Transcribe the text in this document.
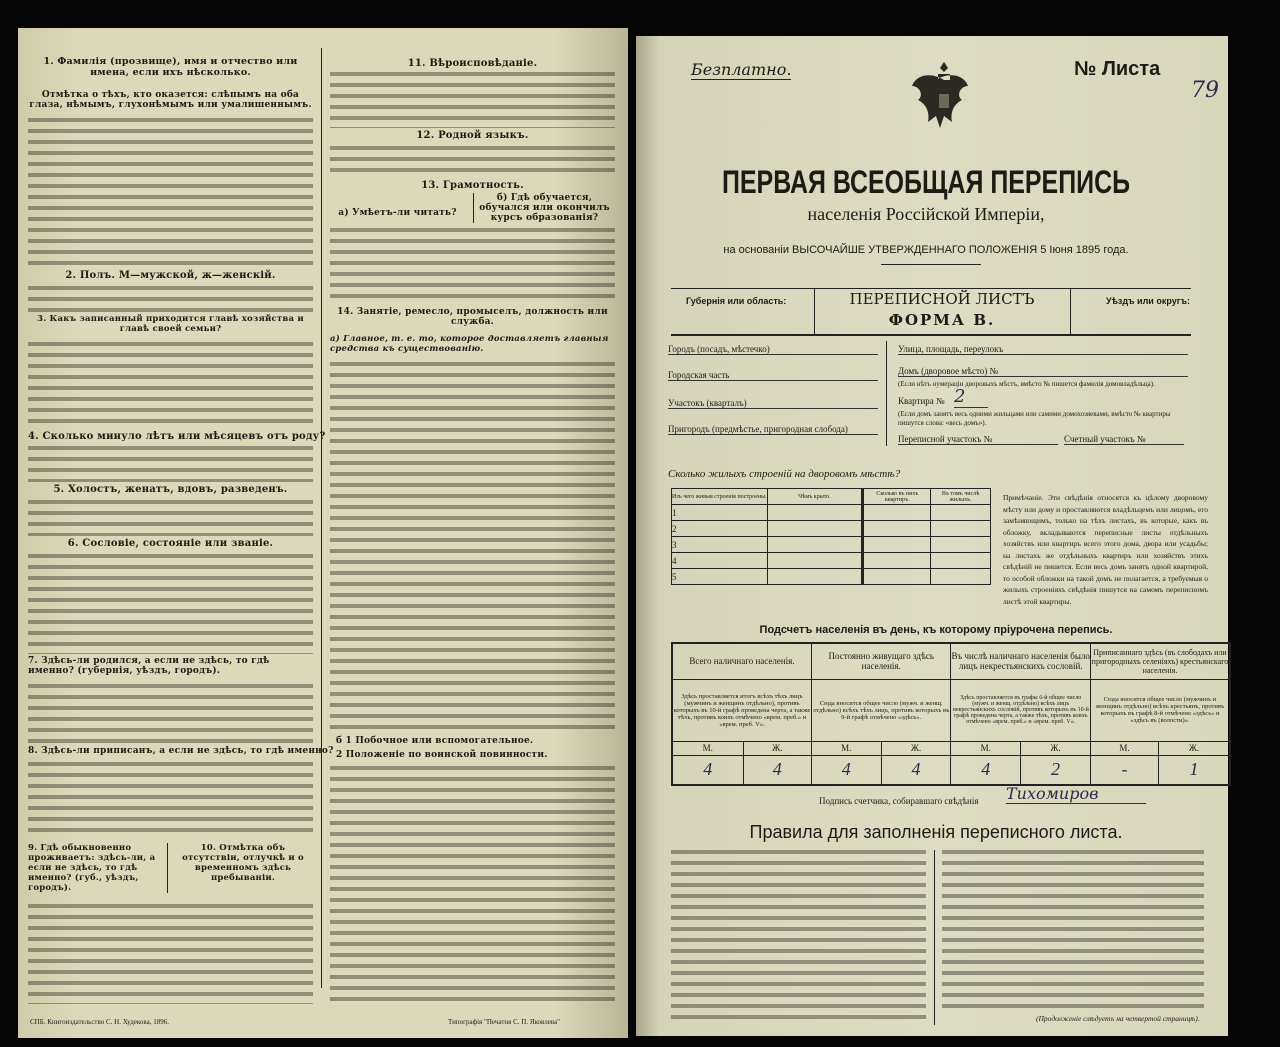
1. Фамилія (прозвище), имя и отчество или имена, если ихъ нѣсколько.
Отмѣтка о тѣхъ, кто оказется: слѣпымъ на оба глаза, нѣмымъ, глухонѣмымъ или умалишеннымъ.
2. Полъ. М—мужской, ж—женскій.
3. Какъ записанный приходится главѣ хозяйства и главѣ своей семьи?
4. Сколько минуло лѣтъ или мѣсяцевъ отъ роду?
5. Холостъ, женатъ, вдовъ, разведенъ.
6. Сословіе, состояніе или званіе.
7. Здѣсь-ли родился, а если не здѣсь, то гдѣ именно? (губернія, уѣздъ, городъ).
8. Здѣсь-ли приписанъ, а если не здѣсь, то гдѣ именно?
9. Гдѣ обыкновенно проживаетъ: здѣсь-ли, а если не здѣсь, то гдѣ именно? (губ., уѣздъ, городъ).
10. Отмѣтка объ отсутствіи, отлучкѣ и о временномъ здѣсь пребываніи.
11. Вѣроисповѣданіе.
12. Родной языкъ.
13. Грамотность.
а) Умѣетъ-ли читать?
б) Гдѣ обучается, обучался или окончилъ курсъ образованія?
14. Занятіе, ремесло, промыселъ, должность или служба.
а) Главное, т. е. то, которое доставляетъ главныя средства къ существованію.
б 1 Побочное или вспомогательное.
2 Положеніе по воинской повинности.
СПБ. Книгоиздательство С. Н. Худекова, 1896.	Типографія "Печатня С. П. Яковлева"
Безплатно.	№ Листа
79
ПЕРВАЯ ВСЕОБЩАЯ ПЕРЕПИСЬ
населенія Россійской Имперіи,
на основаніи ВЫСОЧАЙШЕ УТВЕРЖДЕННАГО ПОЛОЖЕНІЯ 5 Іюня 1895 года.
Губернія или область:	ПЕРЕПИСНОЙ ЛИСТЪ
ФОРМА В.
Уѣздъ или округъ:
Городъ (посадъ, мѣстечко)
Городская часть
Участокъ (кварталъ)
Пригородъ (предмѣстье, пригородная слобода)
Улица, площадь, переулокъ
Домъ (дворовое мѣсто) №
(Если нѣтъ нумераціи дворовыхъ мѣстъ, вмѣсто № пишется фамилія домовладѣльца).
Квартира № 2
(Если домъ занятъ весь одними жильцами или самими домохозяевами, вмѣсто № квартиры пишутся слова: «весь домъ»).
Переписной участокъ №	Счетный участокъ №
Сколько жилыхъ строеній на дворовомъ мѣстѣ?
Изъ чего живыя строенія построены.	Чѣмъ крыто.	Сколько въ нихъ квартиръ.	Въ томъ числѣ жилыхъ.
1			
2			
3			
4			
5			
Примѣчаніе. Эти свѣдѣнія относятся къ цѣлому дворовому мѣсту или дому и проставляются владѣльцемъ или лицомъ, его замѣняющимъ, только на тѣхъ листахъ, въ которые, какъ въ обложку, вкладываются переписные листы отдѣльныхъ хозяйствъ или квартиръ всего этого дома, двора или усадьбы; на листахъ же отдѣльныхъ квартиръ или хозяйствъ этихъ свѣдѣній не пишется. Если весь домъ занятъ одной квартирой, то особой обложки на такой домъ не полагается, а требуемыя о жилыхъ строеніяхъ свѣдѣнія пишутся на самомъ переписномъ листѣ этой квартиры.
Подсчетъ населенія въ день, къ которому пріурочена перепись.
Всего наличнаго населенія.		Постоянно живущаго здѣсь населенія.		Въ числѣ наличнаго населенія было лицъ некрестьянскихъ сословій.		Приписаннаго здѣсь (въ слободахъ или пригородныхъ селеніяхъ) крестьянскаго населенія.	
Здѣсь проставляется итогъ всѣхъ тѣхъ лицъ (мужчинъ и женщинъ отдѣльно), противъ которыхъ въ 10-й графѣ проведена черта, а также тѣхъ, противъ коихъ отмѣчено «врем. преб.» и «врем. преб. V».		Сюда вносится общее число (мужч. и женщ. отдѣльно) всѣхъ тѣхъ лицъ, противъ которыхъ въ 9-й графѣ отмѣчено «здѣсь».		Здѣсь проставляется въ графы 6-й общее число (мужч. и женщ. отдѣльно) всѣхъ лицъ некрестьянскихъ сословій, противъ которыхъ въ 10-й графѣ проведена черта, а также тѣхъ, противъ коихъ отмѣчено «врем. преб.» и «врем. преб. V».		Сюда вносится общее число (мужчинъ и женщинъ отдѣльно) всѣхъ крестьянъ, противъ которыхъ въ графѣ 8-й отмѣчено «здѣсь» и «здѣсь въ (волости)».	
М.	Ж.	М.	Ж.	М.	Ж.	М.	Ж.
4	4	4	4	4	2	-	1
Подпись счетчика, собиравшаго свѣдѣнія Тихомиров
Правила для заполненія переписного листа.
(Продолженіе слѣдуетъ на четвертой страницѣ).
